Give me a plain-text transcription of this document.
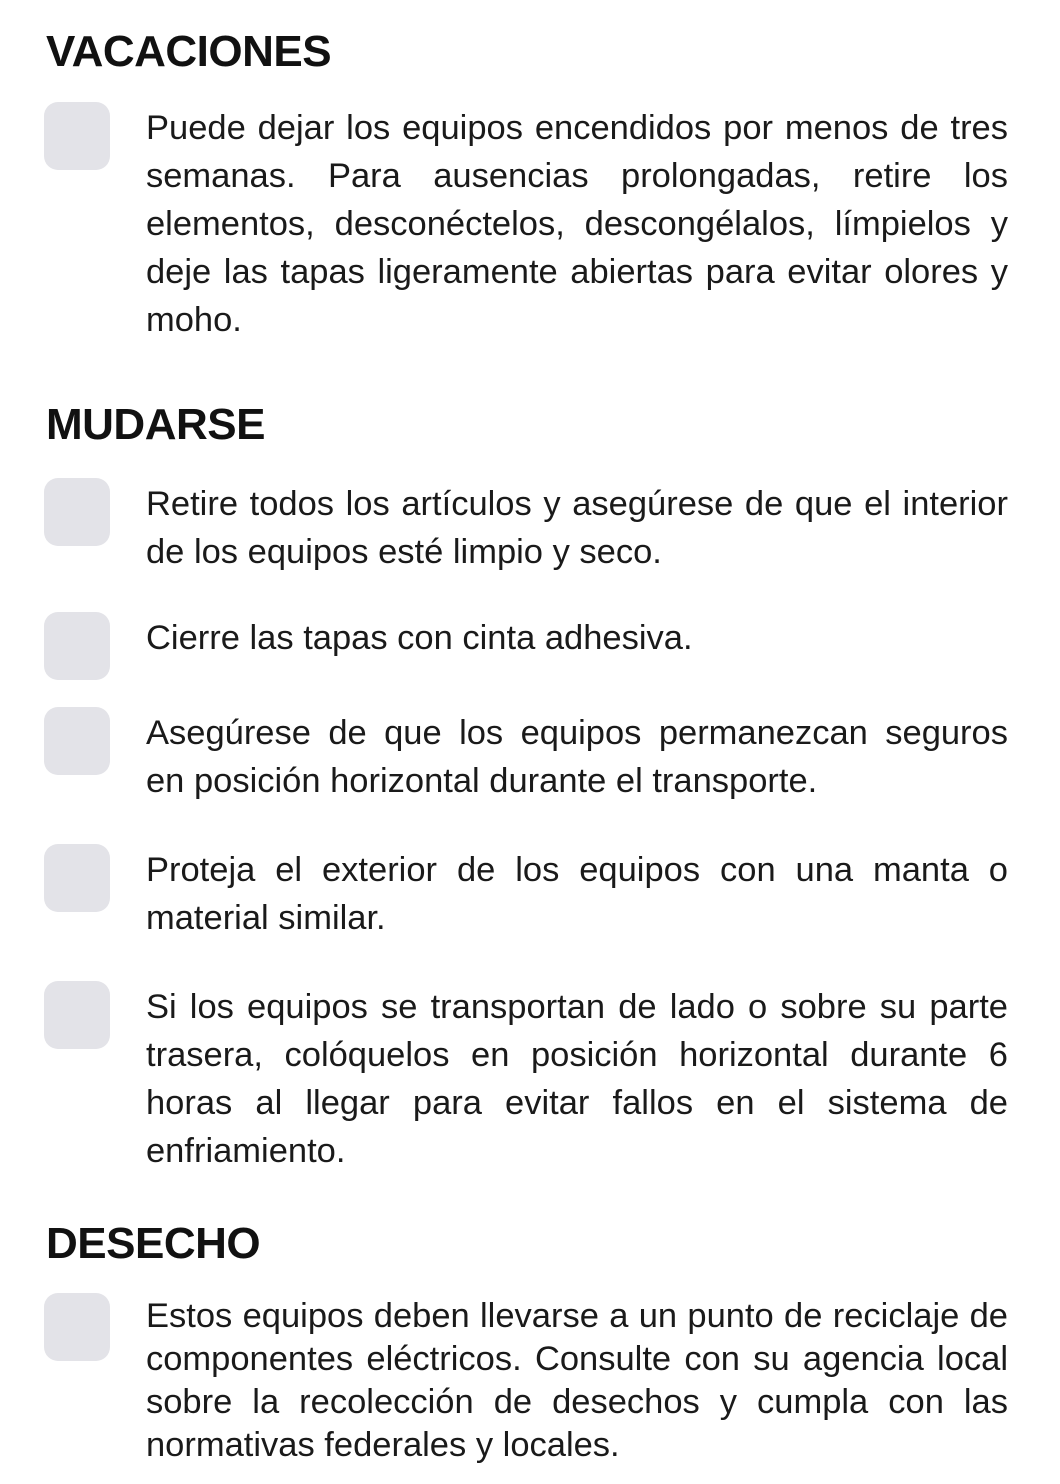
VACACIONES

Puede dejar los equipos encendidos por menos de tres semanas. Para ausencias prolongadas, retire los elementos, desconéctelos, descongélalos, límpielos y deje las tapas ligeramente abiertas para evitar olores y moho.

MUDARSE

Retire todos los artículos y asegúrese de que el interior de los equipos esté limpio y seco.

Cierre las tapas con cinta adhesiva.

Asegúrese de que los equipos permanezcan seguros en posición horizontal durante el transporte.

Proteja el exterior de los equipos con una manta o material similar.

Si los equipos se transportan de lado o sobre su parte trasera, colóquelos en posición horizontal durante 6 horas al llegar para evitar fallos en el sistema de enfriamiento.

DESECHO

Estos equipos deben llevarse a un punto de reciclaje de componentes eléctricos. Consulte con su agencia local sobre la recolección de desechos y cumpla con las normativas federales y locales.
